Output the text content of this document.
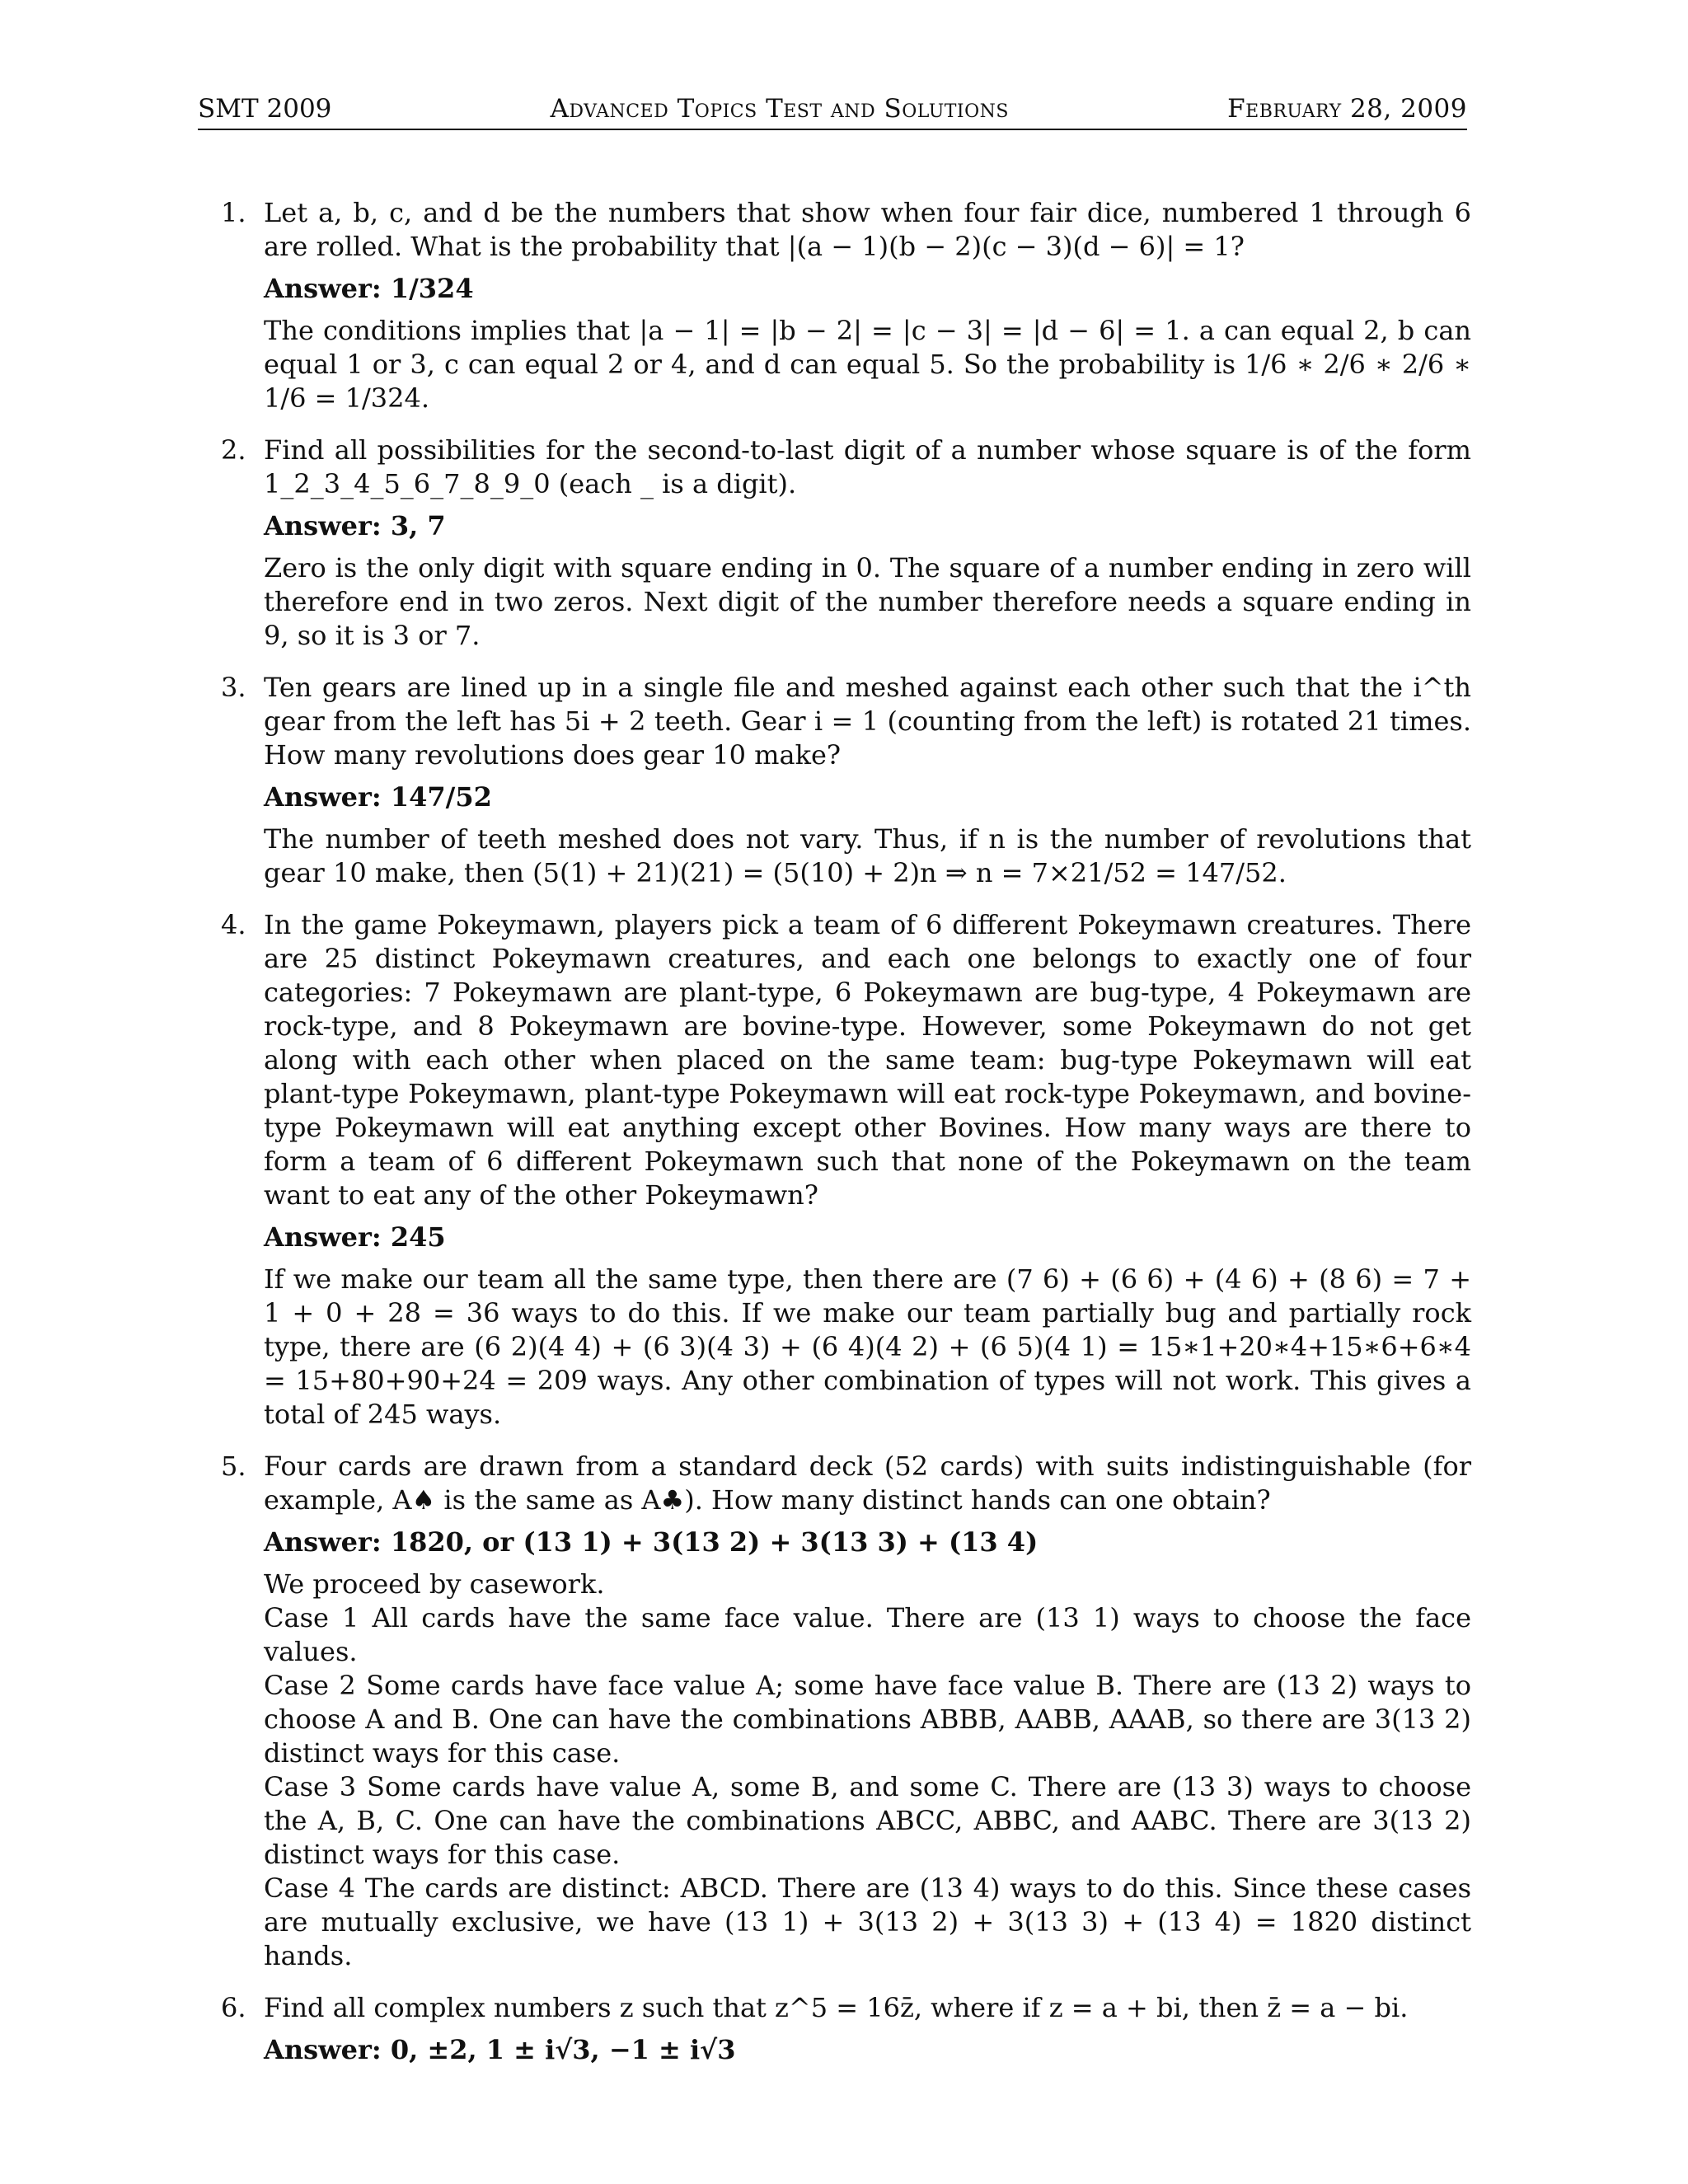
SMT 2009	Advanced Topics Test and Solutions	February 28, 2009
1. Let a, b, c, and d be the numbers that show when four fair dice, numbered 1 through 6 are rolled. What is the probability that |(a − 1)(b − 2)(c − 3)(d − 6)| = 1?

Answer: 1/324

The conditions implies that |a − 1| = |b − 2| = |c − 3| = |d − 6| = 1. a can equal 2, b can equal 1 or 3, c can equal 2 or 4, and d can equal 5. So the probability is 1/6 ∗ 2/6 ∗ 2/6 ∗ 1/6 = 1/324.

2. Find all possibilities for the second-to-last digit of a number whose square is of the form 1_2_3_4_5_6_7_8_9_0 (each _ is a digit).

Answer: 3, 7

Zero is the only digit with square ending in 0. The square of a number ending in zero will therefore end in two zeros. Next digit of the number therefore needs a square ending in 9, so it is 3 or 7.

3. Ten gears are lined up in a single file and meshed against each other such that the i^th gear from the left has 5i + 2 teeth. Gear i = 1 (counting from the left) is rotated 21 times. How many revolutions does gear 10 make?

Answer: 147/52

The number of teeth meshed does not vary. Thus, if n is the number of revolutions that gear 10 make, then (5(1) + 21)(21) = (5(10) + 2)n ⇒ n = 7×21/52 = 147/52.

4. In the game Pokeymawn, players pick a team of 6 different Pokeymawn creatures. There are 25 distinct Pokeymawn creatures, and each one belongs to exactly one of four categories: 7 Pokeymawn are plant-type, 6 Pokeymawn are bug-type, 4 Pokeymawn are rock-type, and 8 Pokeymawn are bovine-type. However, some Pokeymawn do not get along with each other when placed on the same team: bug-type Pokeymawn will eat plant-type Pokeymawn, plant-type Pokeymawn will eat rock-type Pokeymawn, and bovine-type Pokeymawn will eat anything except other Bovines. How many ways are there to form a team of 6 different Pokeymawn such that none of the Pokeymawn on the team want to eat any of the other Pokeymawn?

Answer: 245

If we make our team all the same type, then there are (7 6) + (6 6) + (4 6) + (8 6) = 7 + 1 + 0 + 28 = 36 ways to do this. If we make our team partially bug and partially rock type, there are (6 2)(4 4) + (6 3)(4 3) + (6 4)(4 2) + (6 5)(4 1) = 15∗1+20∗4+15∗6+6∗4 = 15+80+90+24 = 209 ways. Any other combination of types will not work. This gives a total of 245 ways.

5. Four cards are drawn from a standard deck (52 cards) with suits indistinguishable (for example, A♠ is the same as A♣). How many distinct hands can one obtain?

Answer: 1820, or (13 1) + 3(13 2) + 3(13 3) + (13 4)

We proceed by casework.

Case 1 All cards have the same face value. There are (13 1) ways to choose the face values.

Case 2 Some cards have face value A; some have face value B. There are (13 2) ways to choose A and B. One can have the combinations ABBB, AABB, AAAB, so there are 3(13 2) distinct ways for this case.

Case 3 Some cards have value A, some B, and some C. There are (13 3) ways to choose the A, B, C. One can have the combinations ABCC, ABBC, and AABC. There are 3(13 2) distinct ways for this case.

Case 4 The cards are distinct: ABCD. There are (13 4) ways to do this. Since these cases are mutually exclusive, we have (13 1) + 3(13 2) + 3(13 3) + (13 4) = 1820 distinct hands.

6. Find all complex numbers z such that z^5 = 16z̄, where if z = a + bi, then z̄ = a − bi.

Answer: 0, ±2, 1 ± i√3, −1 ± i√3
